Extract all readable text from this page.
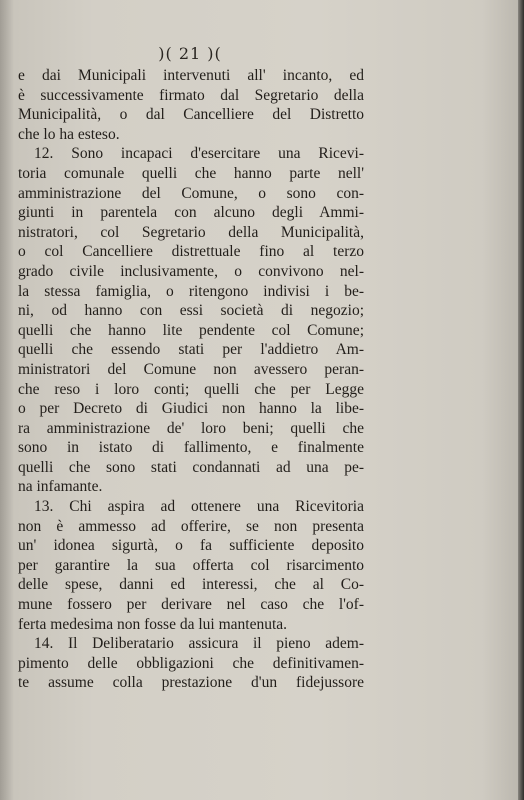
)( 21 )(
e dai Municipali intervenuti all' incanto, ed
è successivamente firmato dal Segretario della
Municipalità, o dal Cancelliere del Distretto
che lo ha esteso.
12. Sono incapaci d'esercitare una Ricevi-
toria comunale quelli che hanno parte nell'
amministrazione del Comune, o sono con-
giunti in parentela con alcuno degli Ammi-
nistratori, col Segretario della Municipalità,
o col Cancelliere distrettuale fino al terzo
grado civile inclusivamente, o convivono nel-
la stessa famiglia, o ritengono indivisi i be-
ni, od hanno con essi società di negozio;
quelli che hanno lite pendente col Comune;
quelli che essendo stati per l'addietro Am-
ministratori del Comune non avessero peran-
che reso i loro conti; quelli che per Legge
o per Decreto di Giudici non hanno la libe-
ra amministrazione de' loro beni; quelli che
sono in istato di fallimento, e finalmente
quelli che sono stati condannati ad una pe-
na infamante.
13. Chi aspira ad ottenere una Ricevitoria
non è ammesso ad offerire, se non presenta
un' idonea sigurtà, o fa sufficiente deposito
per garantire la sua offerta col risarcimento
delle spese, danni ed interessi, che al Co-
mune fossero per derivare nel caso che l'of-
ferta medesima non fosse da lui mantenuta.
14. Il Deliberatario assicura il pieno adem-
pimento delle obbligazioni che definitivamen-
te assume colla prestazione d'un fidejussore
